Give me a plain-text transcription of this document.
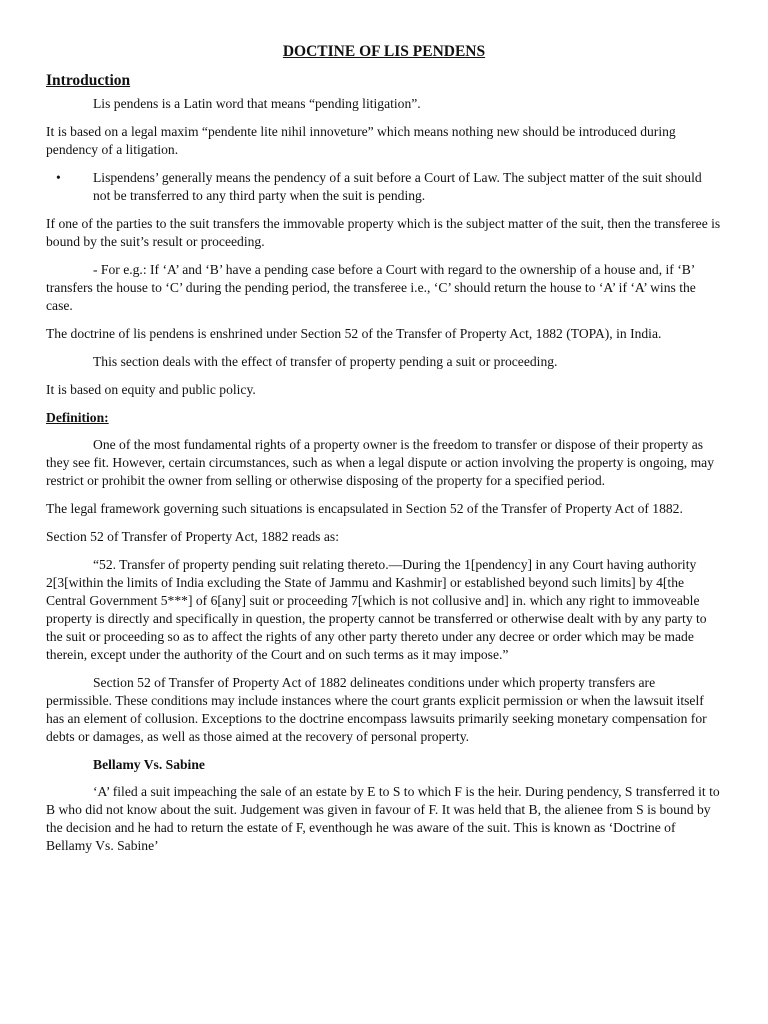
DOCTINE OF LIS PENDENS
Introduction

Lis pendens is a Latin word that means “pending litigation”.

It is based on a legal maxim “pendente lite nihil innoveture” which means nothing new should be introduced during pendency of a litigation.

• Lispendens’ generally means the pendency of a suit before a Court of Law. The subject matter of the suit should not be transferred to any third party when the suit is pending.

If one of the parties to the suit transfers the immovable property which is the subject matter of the suit, then the transferee is bound by the suit’s result or proceeding.

- For e.g.: If ‘A’ and ‘B’ have a pending case before a Court with regard to the ownership of a house and, if ‘B’ transfers the house to ‘C’ during the pending period, the transferee i.e., ‘C’ should return the house to ‘A’ if ‘A’ wins the case.

The doctrine of lis pendens is enshrined under Section 52 of the Transfer of Property Act, 1882 (TOPA), in India.

This section deals with the effect of transfer of property pending a suit or proceeding.

It is based on equity and public policy.

Definition:

One of the most fundamental rights of a property owner is the freedom to transfer or dispose of their property as they see fit. However, certain circumstances, such as when a legal dispute or action involving the property is ongoing, may restrict or prohibit the owner from selling or otherwise disposing of the property for a specified period.

The legal framework governing such situations is encapsulated in Section 52 of the Transfer of Property Act of 1882.

Section 52 of Transfer of Property Act, 1882 reads as:

“52. Transfer of property pending suit relating thereto.—During the 1[pendency] in any Court having authority 2[3[within the limits of India excluding the State of Jammu and Kashmir] or established beyond such limits] by 4[the Central Government 5***] of 6[any] suit or proceeding 7[which is not collusive and] in. which any right to immoveable property is directly and specifically in question, the property cannot be transferred or otherwise dealt with by any party to the suit or proceeding so as to affect the rights of any other party thereto under any decree or order which may be made therein, except under the authority of the Court and on such terms as it may impose.”

Section 52 of Transfer of Property Act of 1882 delineates conditions under which property transfers are permissible. These conditions may include instances where the court grants explicit permission or when the lawsuit itself has an element of collusion. Exceptions to the doctrine encompass lawsuits primarily seeking monetary compensation for debts or damages, as well as those aimed at the recovery of personal property.

Bellamy Vs. Sabine

‘A’ filed a suit impeaching the sale of an estate by E to S to which F is the heir. During pendency, S transferred it to B who did not know about the suit. Judgement was given in favour of F. It was held that B, the alienee from S is bound by the decision and he had to return the estate of F, eventhough he was aware of the suit. This is known as ‘Doctrine of Bellamy Vs. Sabine’
